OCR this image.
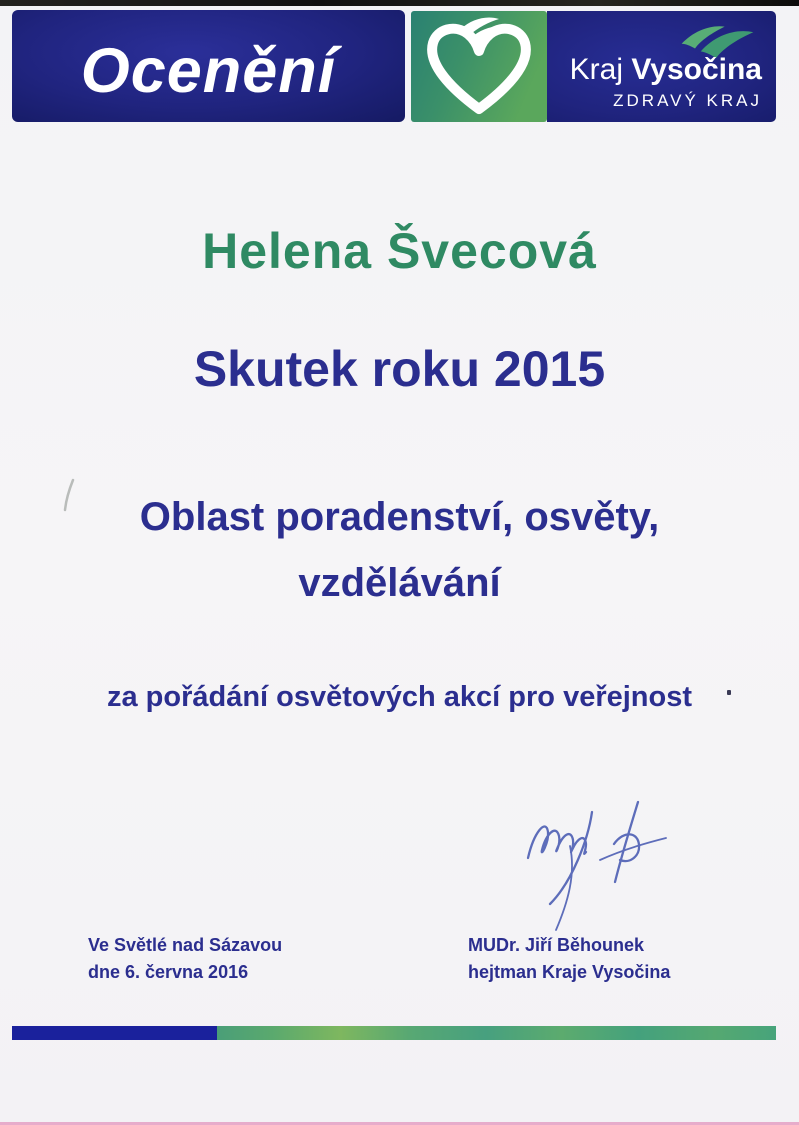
Ocenění	Kraj Vysočina
ZDRAVÝ KRAJ
Helena Švecová
Skutek roku 2015
Oblast poradenství, osvěty,
vzdělávání
za pořádání osvětových akcí pro veřejnost
Ve Světlé nad Sázavou
dne 6. června 2016
MUDr. Jiří Běhounek
hejtman Kraje Vysočina
